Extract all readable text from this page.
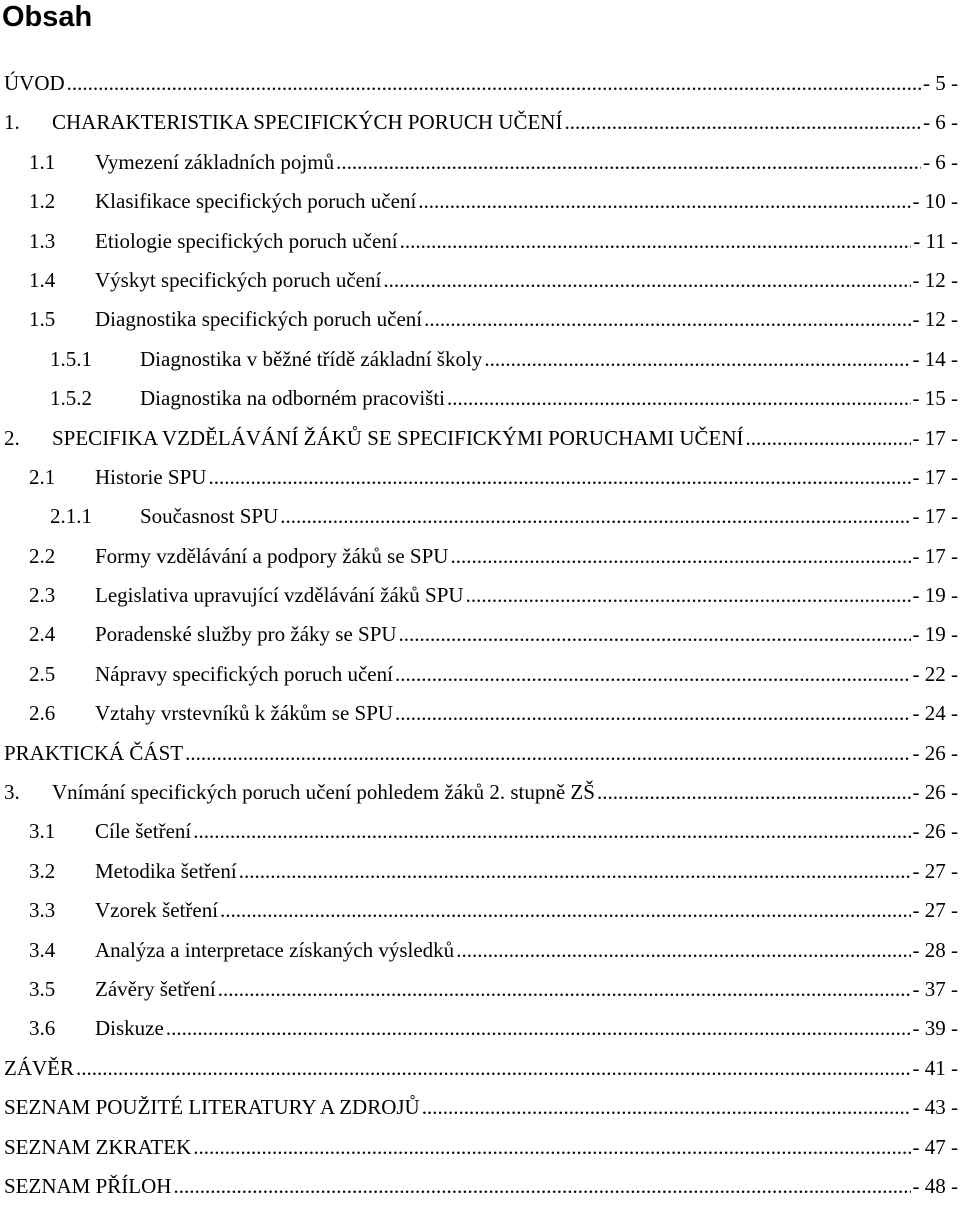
Obsah
ÚVOD .....	- 5 -
1.	CHARAKTERISTIKA SPECIFICKÝCH PORUCH UČENÍ .....	- 6 -
1.1	Vymezení základních pojmů .....	- 6 -
1.2	Klasifikace specifických poruch učení .....	- 10 -
1.3	Etiologie specifických poruch učení .....	- 11 -
1.4	Výskyt specifických poruch učení .....	- 12 -
1.5	Diagnostika specifických poruch učení .....	- 12 -
1.5.1	Diagnostika v běžné třídě základní školy .....	- 14 -
1.5.2	Diagnostika na odborném pracovišti .....	- 15 -
2.	SPECIFIKA VZDĚLÁVÁNÍ ŽÁKŮ SE SPECIFICKÝMI PORUCHAMI UČENÍ .....	- 17 -
2.1	Historie SPU .....	- 17 -
2.1.1	Současnost SPU .....	- 17 -
2.2	Formy vzdělávání a podpory žáků se SPU .....	- 17 -
2.3	Legislativa upravující vzdělávání žáků SPU .....	- 19 -
2.4	Poradenské služby pro žáky se SPU .....	- 19 -
2.5	Nápravy specifických poruch učení .....	- 22 -
2.6	Vztahy vrstevníků k žákům se SPU .....	- 24 -
PRAKTICKÁ ČÁST .....	- 26 -
3.	Vnímání specifických poruch učení pohledem žáků 2. stupně ZŠ .....	- 26 -
3.1	Cíle šetření .....	- 26 -
3.2	Metodika šetření .....	- 27 -
3.3	Vzorek šetření .....	- 27 -
3.4	Analýza a interpretace získaných výsledků .....	- 28 -
3.5	Závěry šetření .....	- 37 -
3.6	Diskuze .....	- 39 -
ZÁVĚR .....	- 41 -
SEZNAM POUŽITÉ LITERATURY A ZDROJŮ .....	- 43 -
SEZNAM ZKRATEK .....	- 47 -
SEZNAM PŘÍLOH .....	- 48 -
